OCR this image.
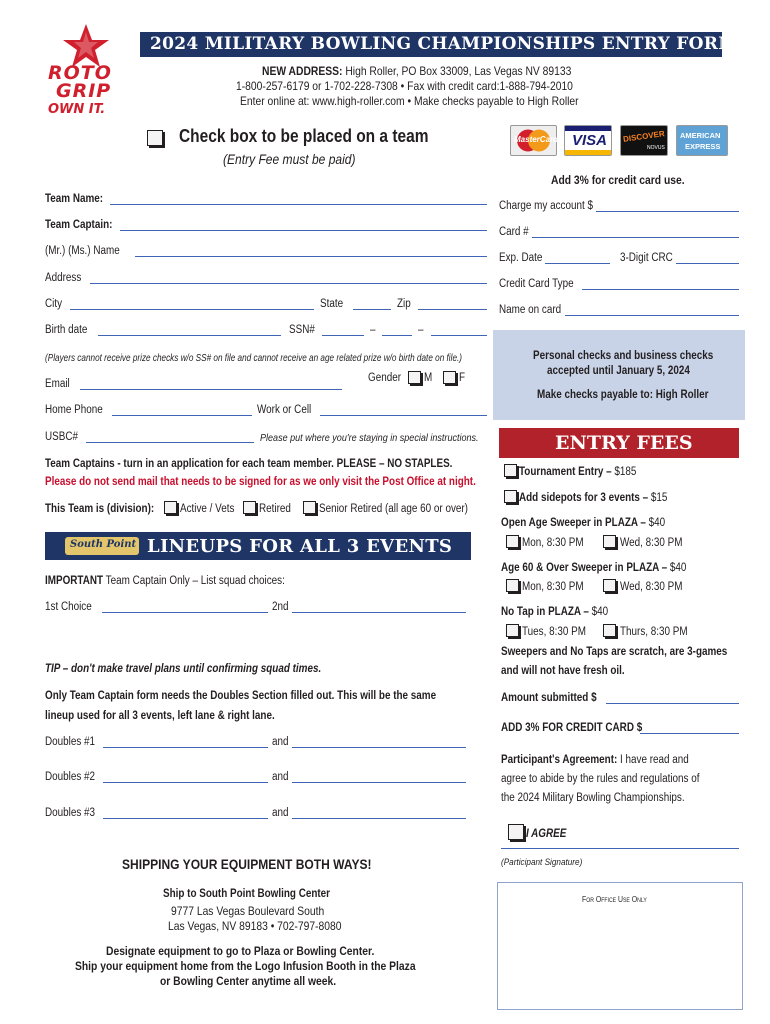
ROTO
GRIP
OWN IT.
2024 MILITARY BOWLING CHAMPIONSHIPS ENTRY FORM
NEW ADDRESS: High Roller, PO Box 33009, Las Vegas NV 89133
1-800-257-6179 or 1-702-228-7308 • Fax with credit card:1-888-794-2010
Enter online at: www.high-roller.com • Make checks payable to High Roller
Check box to be placed on a team
(Entry Fee must be paid)
MasterCard VISA DISCOVER
NOVUS
AMERICAN
EXPRESS
Add 3% for credit card use.
Team Name:
Team Captain:
(Mr.) (Ms.) Name
Address
City	State	Zip
Birth date	SSN#	–	–
(Players cannot receive prize checks w/o SS# on file and cannot receive an age related prize w/o birth date on file.)
Email	Gender M F
Home Phone	Work or Cell
USBC#	Please put where you're staying in special instructions.
Team Captains - turn in an application for each team member. PLEASE – NO STAPLES.
Please do not send mail that needs to be signed for as we only visit the Post Office at night.
This Team is (division): Active / Vets Retired Senior Retired (all age 60 or over)
South Point LINEUPS FOR ALL 3 EVENTS
IMPORTANT Team Captain Only – List squad choices:
1st Choice	2nd
TIP – don't make travel plans until confirming squad times.
Only Team Captain form needs the Doubles Section filled out. This will be the same
lineup used for all 3 events, left lane & right lane.
Doubles #1	and
Doubles #2	and
Doubles #3	and
SHIPPING YOUR EQUIPMENT BOTH WAYS!
Ship to South Point Bowling Center
9777 Las Vegas Boulevard South
Las Vegas, NV 89183 • 702-797-8080
Designate equipment to go to Plaza or Bowling Center.
Ship your equipment home from the Logo Infusion Booth in the Plaza
or Bowling Center anytime all week.
Charge my account $
Card #
Exp. Date	3-Digit CRC
Credit Card Type
Name on card
Personal checks and business checks
accepted until January 5, 2024
Make checks payable to: High Roller
ENTRY FEES
Tournament Entry – $185
Add sidepots for 3 events – $15
Open Age Sweeper in PLAZA – $40
Mon, 8:30 PM	Wed, 8:30 PM
Age 60 & Over Sweeper in PLAZA – $40
Mon, 8:30 PM	Wed, 8:30 PM
No Tap in PLAZA – $40
Tues, 8:30 PM	Thurs, 8:30 PM
Sweepers and No Taps are scratch, are 3-games
and will not have fresh oil.
Amount submitted $
ADD 3% FOR CREDIT CARD $
Participant's Agreement: I have read and
agree to abide by the rules and regulations of
the 2024 Military Bowling Championships.
I AGREE
(Participant Signature)
For Office Use Only
